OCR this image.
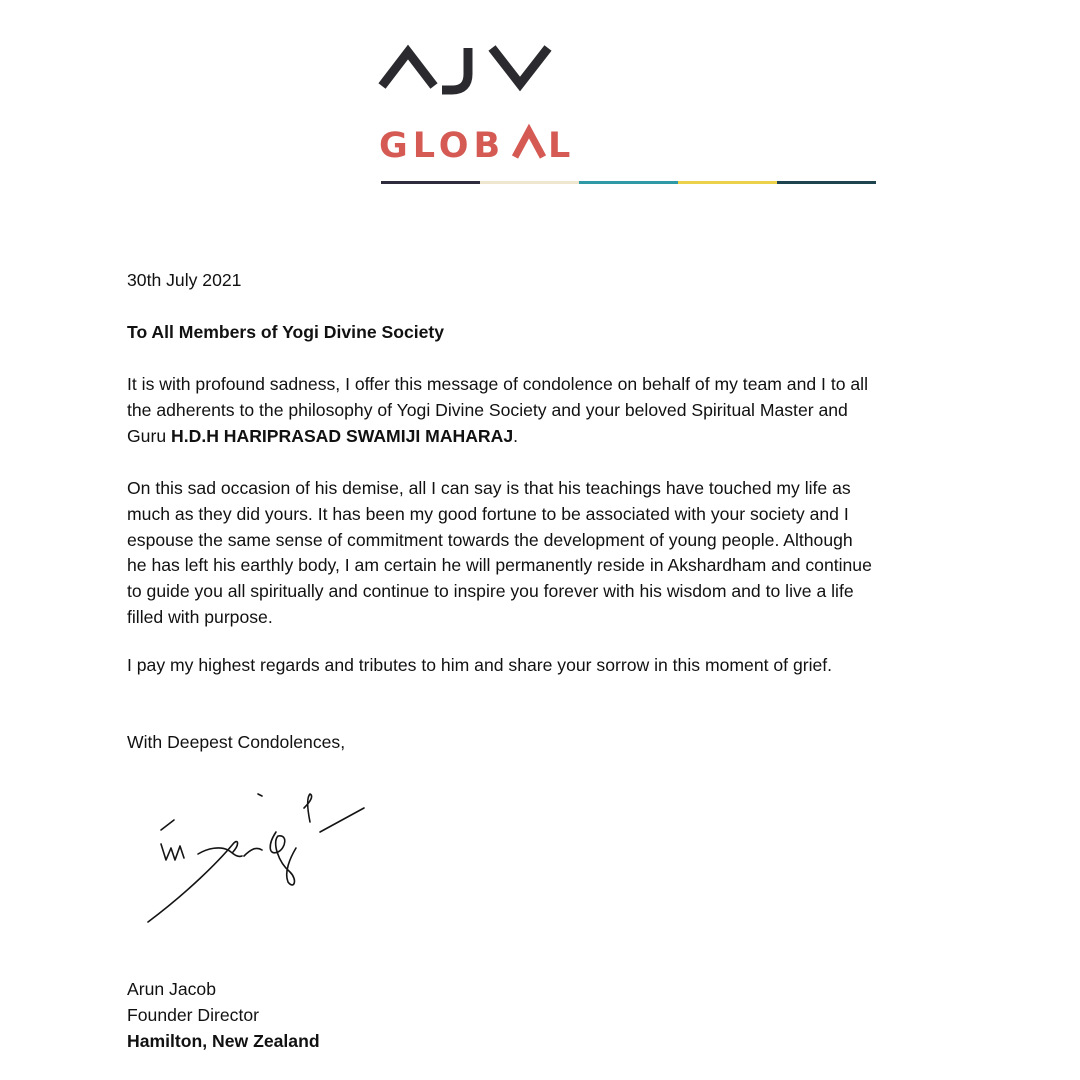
GLOB L
30th July 2021
To All Members of Yogi Divine Society
It is with profound sadness, I offer this message of condolence on behalf of my team and I to all
the adherents to the philosophy of Yogi Divine Society and your beloved Spiritual Master and
Guru H.D.H HARIPRASAD SWAMIJI MAHARAJ.
On this sad occasion of his demise, all I can say is that his teachings have touched my life as
much as they did yours. It has been my good fortune to be associated with your society and I
espouse the same sense of commitment towards the development of young people. Although
he has left his earthly body, I am certain he will permanently reside in Akshardham and continue
to guide you all spiritually and continue to inspire you forever with his wisdom and to live a life
filled with purpose.
I pay my highest regards and tributes to him and share your sorrow in this moment of grief.
With Deepest Condolences,
Arun Jacob
Founder Director
Hamilton, New Zealand
